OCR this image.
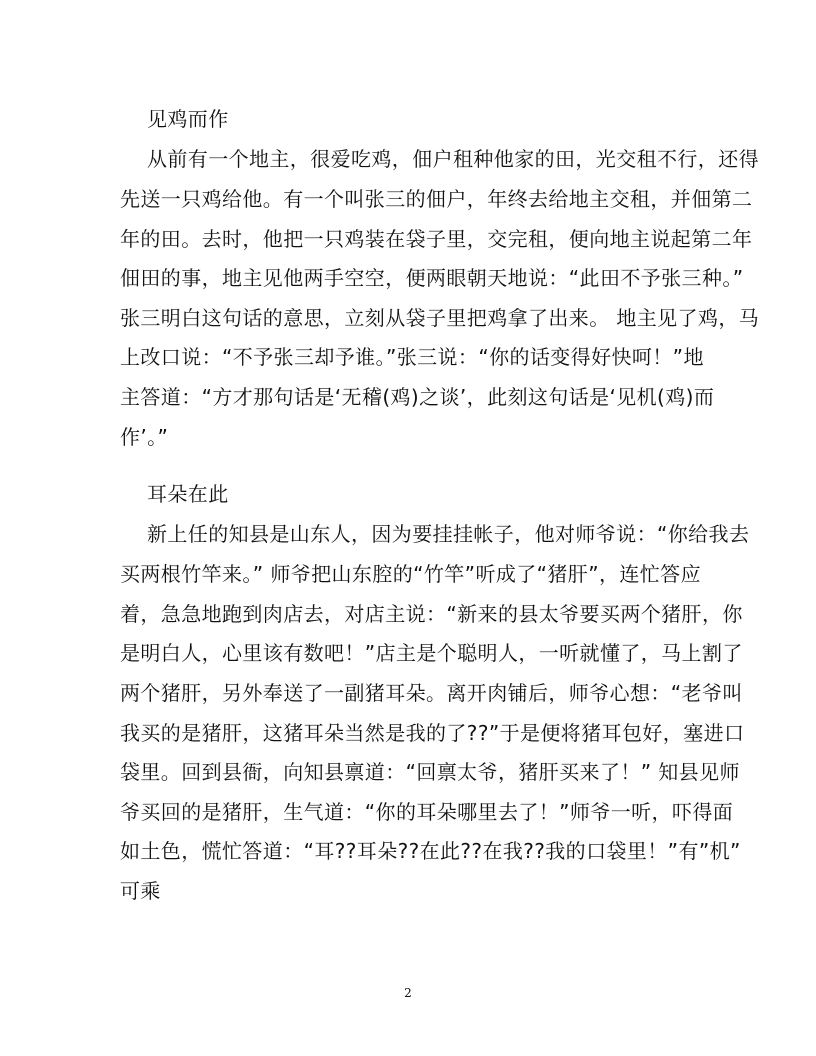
见鸡而作
从前有一个地主，很爱吃鸡，佃户租种他家的田，光交租不行，还得
先送一只鸡给他。有一个叫张三的佃户，年终去给地主交租，并佃第二
年的田。去时，他把一只鸡装在袋子里，交完租，便向地主说起第二年
佃田的事，地主见他两手空空，便两眼朝天地说：“此田不予张三种。”
张三明白这句话的意思，立刻从袋子里把鸡拿了出来。 地主见了鸡，马
上改口说：“不予张三却予谁。”张三说：“你的话变得好快呵！”地
主答道：“方才那句话是‘无稽(鸡)之谈’，此刻这句话是‘见机(鸡)而
作’。”
耳朵在此
新上任的知县是山东人，因为要挂挂帐子，他对师爷说：“你给我去
买两根竹竿来。” 师爷把山东腔的“竹竿”听成了“猪肝”，连忙答应
着，急急地跑到肉店去，对店主说：“新来的县太爷要买两个猪肝，你
是明白人，心里该有数吧！”店主是个聪明人，一听就懂了，马上割了
两个猪肝，另外奉送了一副猪耳朵。离开肉铺后，师爷心想：“老爷叫
我买的是猪肝，这猪耳朵当然是我的了??”于是便将猪耳包好，塞进口
袋里。回到县衙，向知县禀道：“回禀太爷，猪肝买来了！” 知县见师
爷买回的是猪肝，生气道：“你的耳朵哪里去了！”师爷一听，吓得面
如土色，慌忙答道：“耳??耳朵??在此??在我??我的口袋里！”有”机”
可乘
2
